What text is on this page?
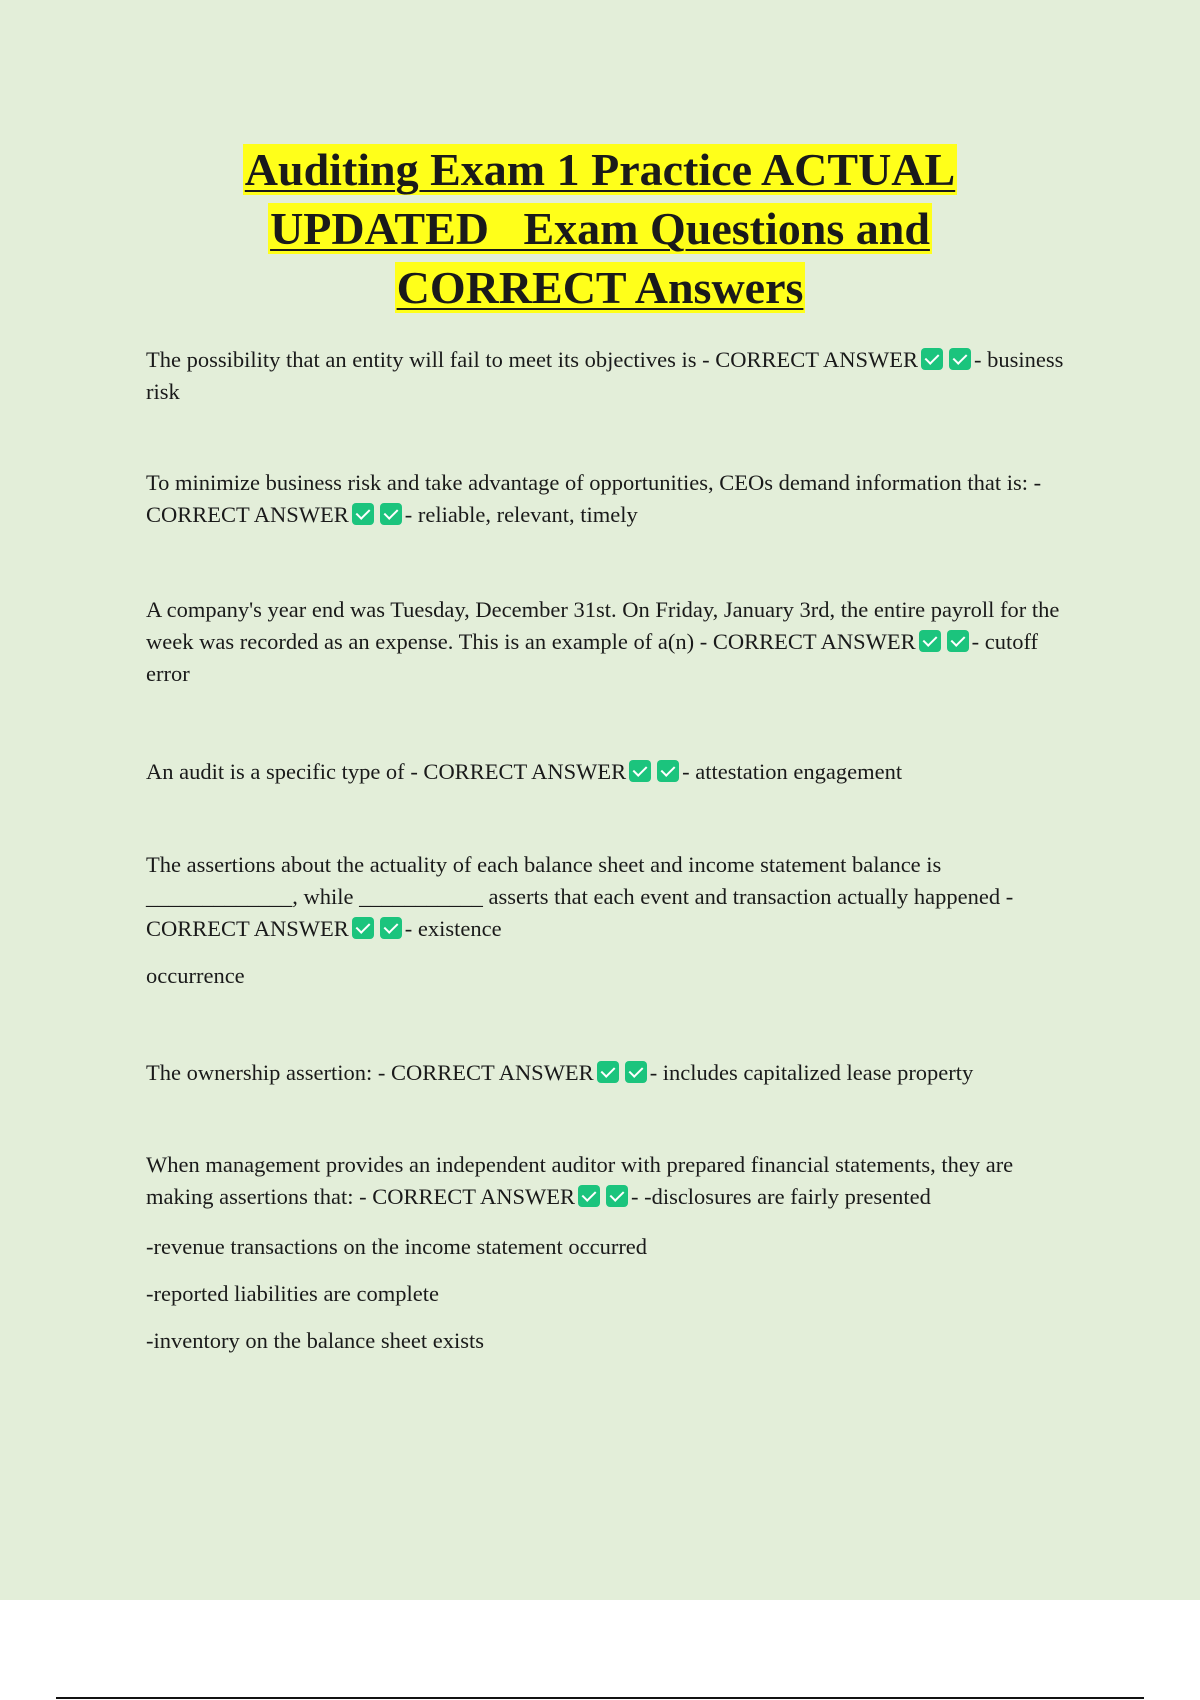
Auditing Exam 1 Practice ACTUAL
UPDATED   Exam Questions and
CORRECT Answers

The possibility that an entity will fail to meet its objectives is - CORRECT ANSWER - business risk

To minimize business risk and take advantage of opportunities, CEOs demand information that is: - CORRECT ANSWER - reliable, relevant, timely

A company's year end was Tuesday, December 31st. On Friday, January 3rd, the entire payroll for the week was recorded as an expense. This is an example of a(n) - CORRECT ANSWER - cutoff error

An audit is a specific type of - CORRECT ANSWER - attestation engagement

The assertions about the actuality of each balance sheet and income statement balance is _____________, while ___________ asserts that each event and transaction actually happened - CORRECT ANSWER - existence

occurrence

The ownership assertion: - CORRECT ANSWER - includes capitalized lease property

When management provides an independent auditor with prepared financial statements, they are making assertions that: - CORRECT ANSWER - -disclosures are fairly presented

-revenue transactions on the income statement occurred

-reported liabilities are complete

-inventory on the balance sheet exists
